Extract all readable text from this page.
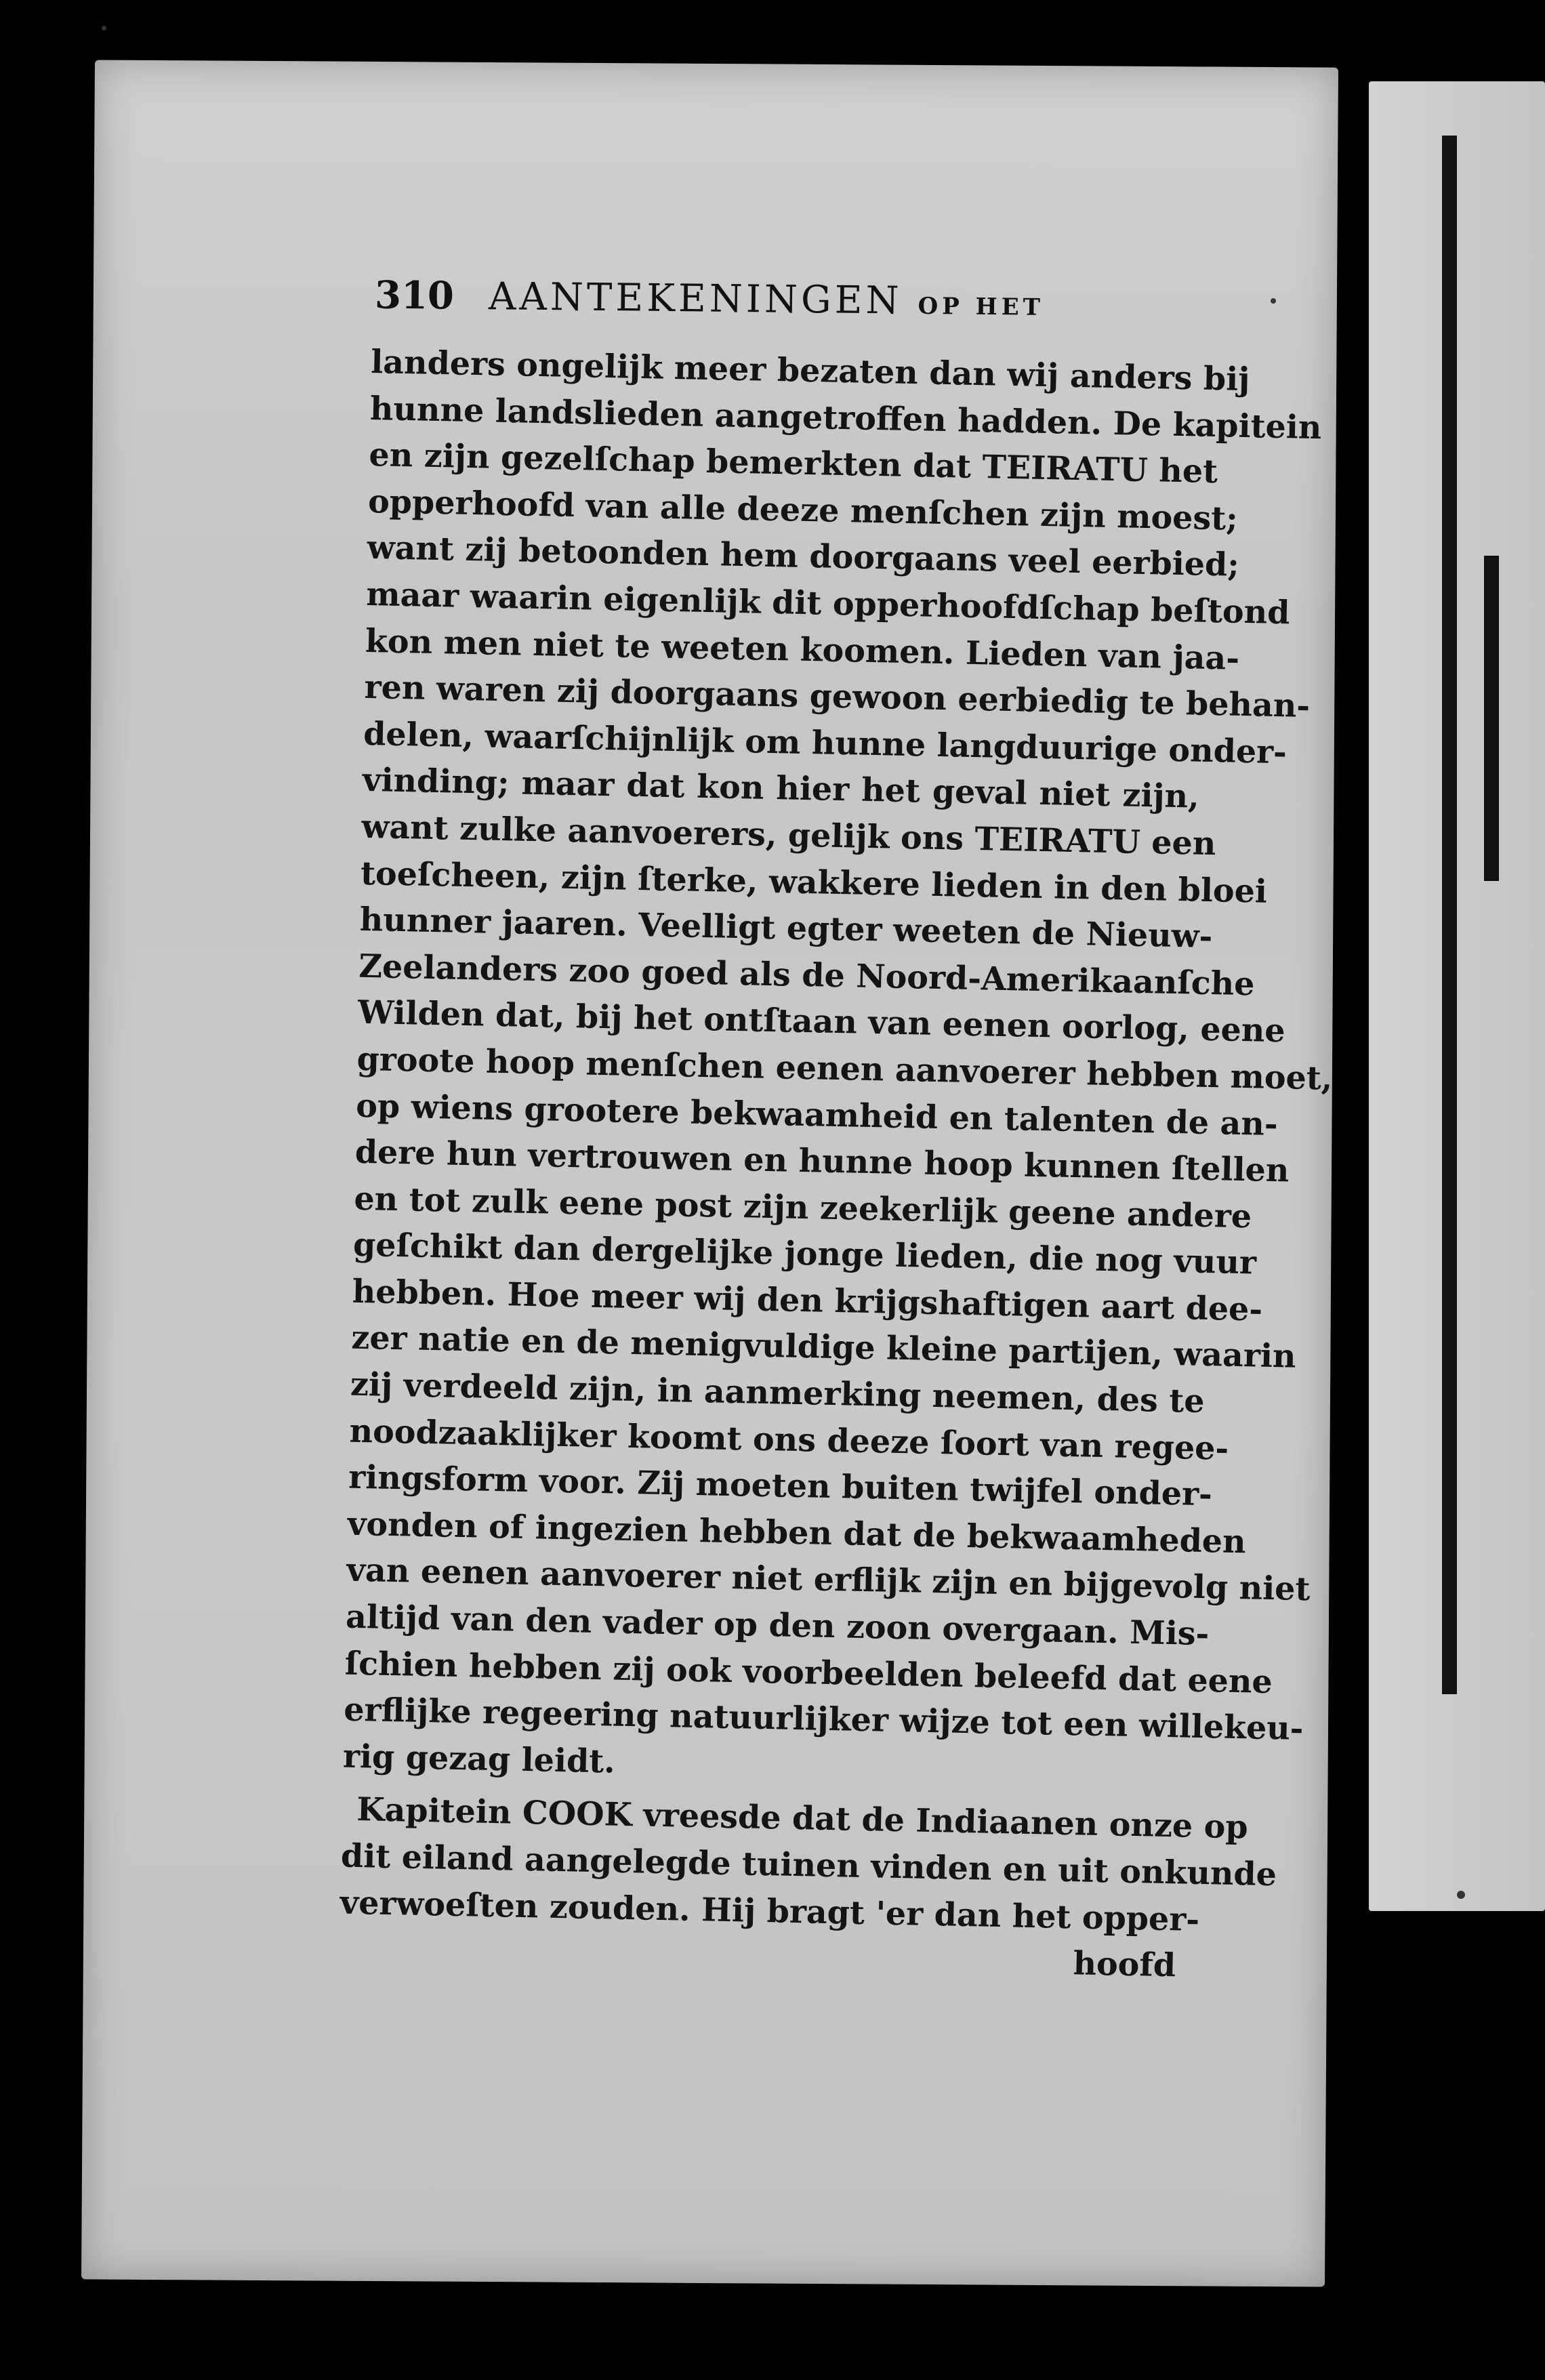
310 AANTEKENINGEN OP HET
landers ongelijk meer bezaten dan wij anders bij
hunne landslieden aangetroffen hadden. De kapitein
en zijn gezelſchap bemerkten dat TEIRATU het
opperhoofd van alle deeze menſchen zijn moest;
want zij betoonden hem doorgaans veel eerbied;
maar waarin eigenlijk dit opperhoofdſchap beſtond
kon men niet te weeten koomen. Lieden van jaa-
ren waren zij doorgaans gewoon eerbiedig te behan-
delen, waarſchijnlijk om hunne langduurige onder-
vinding; maar dat kon hier het geval niet zijn,
want zulke aanvoerers, gelijk ons TEIRATU een
toeſcheen, zijn ſterke, wakkere lieden in den bloei
hunner jaaren. Veelligt egter weeten de Nieuw-
Zeelanders zoo goed als de Noord-Amerikaanſche
Wilden dat, bij het ontſtaan van eenen oorlog, eene
groote hoop menſchen eenen aanvoerer hebben moet,
op wiens grootere bekwaamheid en talenten de an-
dere hun vertrouwen en hunne hoop kunnen ſtellen
en tot zulk eene post zijn zeekerlijk geene andere
geſchikt dan dergelijke jonge lieden, die nog vuur
hebben. Hoe meer wij den krijgshaftigen aart dee-
zer natie en de menigvuldige kleine partijen, waarin
zij verdeeld zijn, in aanmerking neemen, des te
noodzaaklijker koomt ons deeze ſoort van regee-
ringsform voor. Zij moeten buiten twijfel onder-
vonden of ingezien hebben dat de bekwaamheden
van eenen aanvoerer niet erflijk zijn en bijgevolg niet
altijd van den vader op den zoon overgaan. Mis-
ſchien hebben zij ook voorbeelden beleefd dat eene
erflijke regeering natuurlijker wijze tot een willekeu-
rig gezag leidt.
Kapitein COOK vreesde dat de Indiaanen onze op
dit eiland aangelegde tuinen vinden en uit onkunde
verwoeſten zouden. Hij bragt 'er dan het opper-
hoofd
